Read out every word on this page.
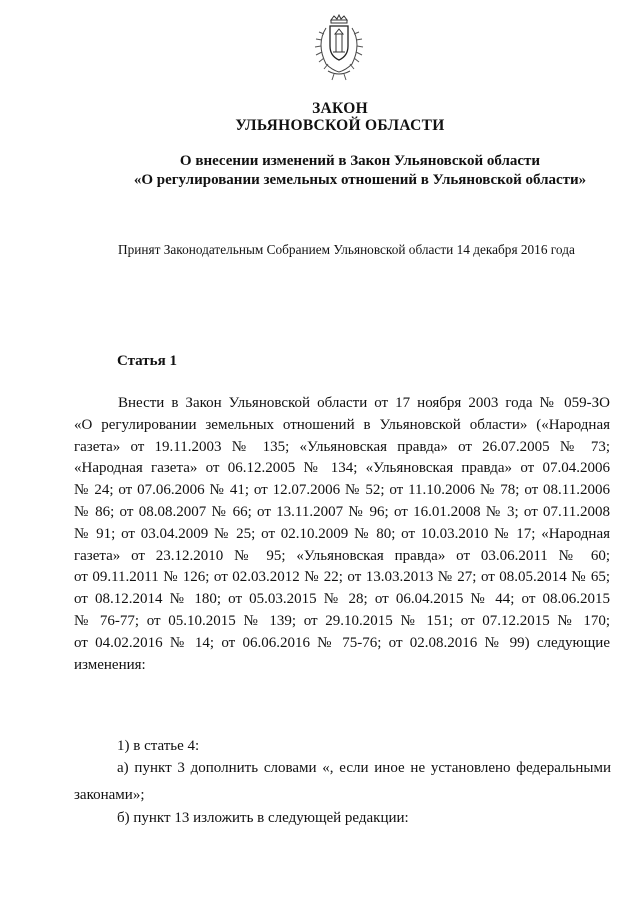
ЗАКОН
УЛЬЯНОВСКОЙ ОБЛАСТИ
О внесении изменений в Закон Ульяновской области
«О регулировании земельных отношений в Ульяновской области»
Принят Законодательным Собранием Ульяновской области 14 декабря 2016 года
Статья 1
Внести в Закон Ульяновской области от 17 ноября 2003 года № 059-ЗО
«О регулировании земельных отношений в Ульяновской области» («Народная
газета» от 19.11.2003 № 135; «Ульяновская правда» от 26.07.2005 № 73;
«Народная газета» от 06.12.2005 № 134; «Ульяновская правда» от 07.04.2006
№ 24; от 07.06.2006 № 41; от 12.07.2006 № 52; от 11.10.2006 № 78; от 08.11.2006
№ 86; от 08.08.2007 № 66; от 13.11.2007 № 96; от 16.01.2008 № 3; от 07.11.2008
№ 91; от 03.04.2009 № 25; от 02.10.2009 № 80; от 10.03.2010 № 17; «Народная
газета» от 23.12.2010 № 95; «Ульяновская правда» от 03.06.2011 № 60;
от 09.11.2011 № 126; от 02.03.2012 № 22; от 13.03.2013 № 27; от 08.05.2014 № 65;
от 08.12.2014 № 180; от 05.03.2015 № 28; от 06.04.2015 № 44; от 08.06.2015
№ 76-77; от 05.10.2015 № 139; от 29.10.2015 № 151; от 07.12.2015 № 170;
от 04.02.2016 № 14; от 06.06.2016 № 75-76; от 02.08.2016 № 99) следующие
изменения:
1) в статье 4:
а) пункт 3 дополнить словами «, если иное не установлено федеральными
законами»;
б) пункт 13 изложить в следующей редакции:
